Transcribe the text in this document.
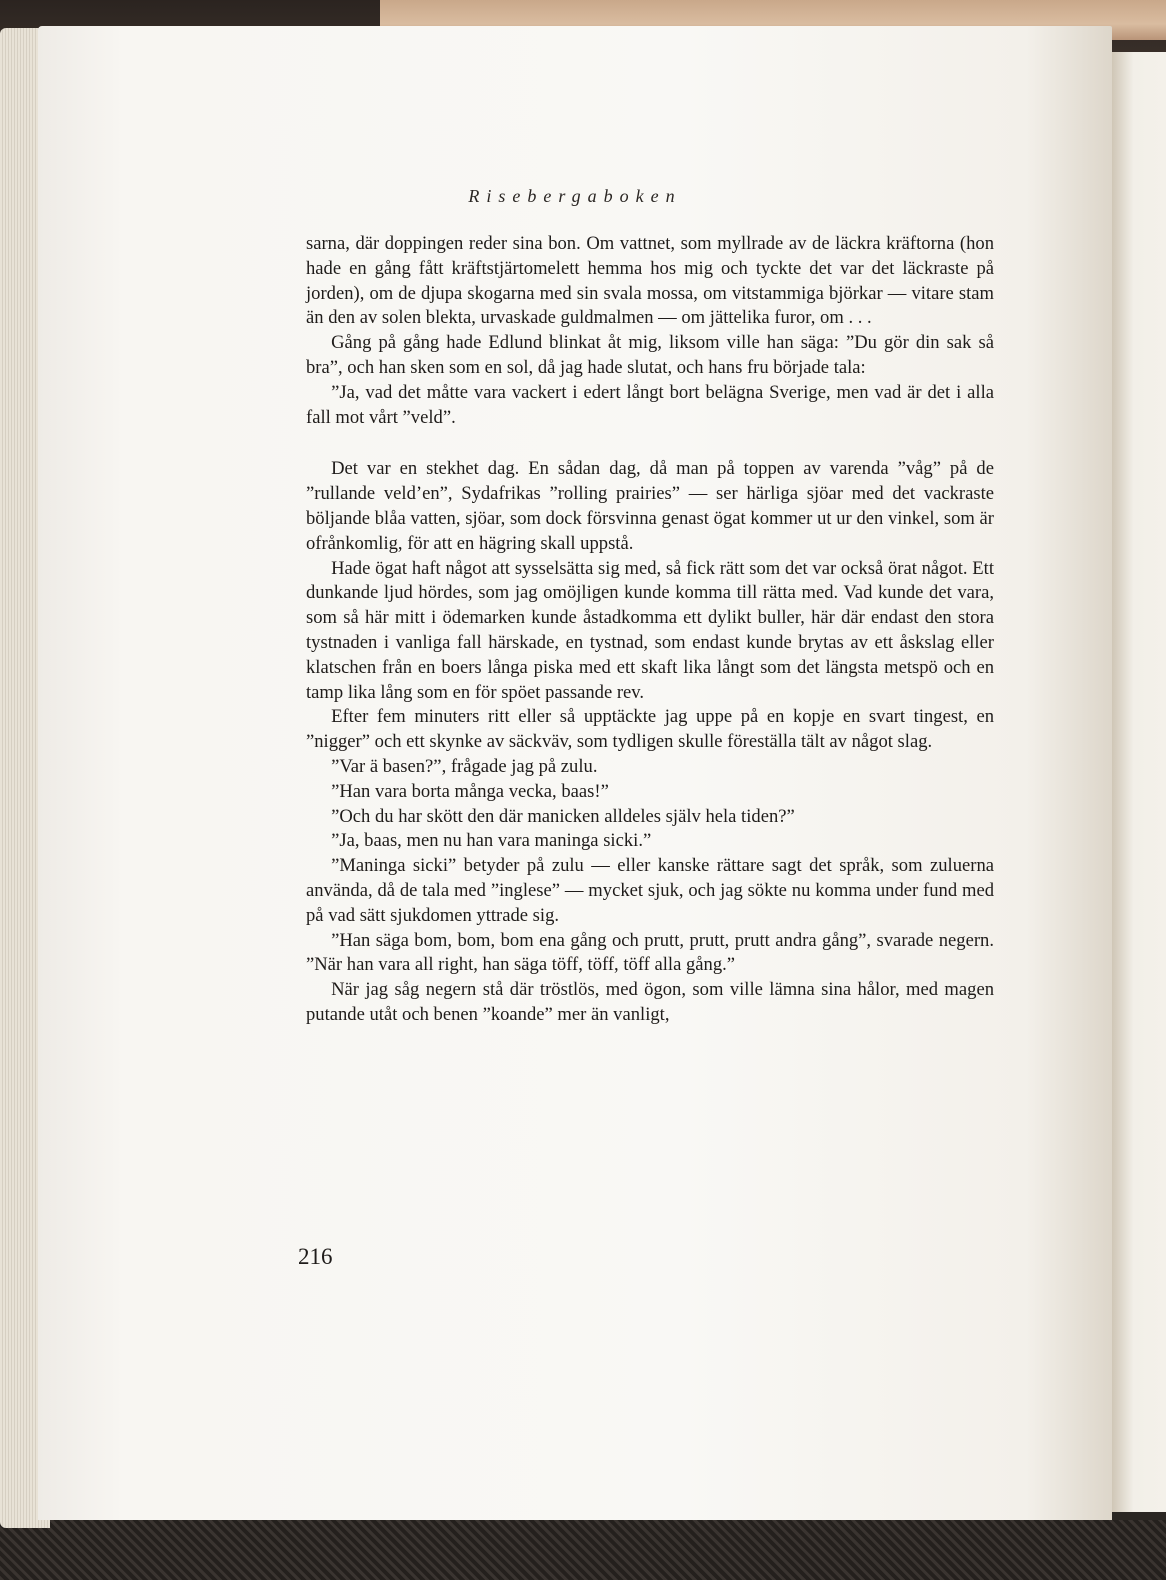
Risebergaboken

sarna, där doppingen reder sina bon. Om vattnet, som myllrade av de läckra kräftorna (hon hade en gång fått kräftstjärtomelett hemma hos mig och tyckte det var det läckraste på jorden), om de djupa skogarna med sin svala mossa, om vitstammiga björkar — vitare stam än den av solen blekta, urvaskade guldmalmen — om jättelika furor, om . . .

Gång på gång hade Edlund blinkat åt mig, liksom ville han säga: ”Du gör din sak så bra”, och han sken som en sol, då jag hade slutat, och hans fru började tala:

”Ja, vad det måtte vara vackert i edert långt bort belägna Sverige, men vad är det i alla fall mot vårt ”veld”.

Det var en stekhet dag. En sådan dag, då man på toppen av varenda ”våg” på de ”rullande veld’en”, Sydafrikas ”rolling prairies” — ser härliga sjöar med det vackraste böljande blåa vatten, sjöar, som dock försvinna genast ögat kommer ut ur den vinkel, som är ofrånkomlig, för att en hägring skall uppstå.

Hade ögat haft något att sysselsätta sig med, så fick rätt som det var också örat något. Ett dunkande ljud hördes, som jag omöjligen kunde komma till rätta med. Vad kunde det vara, som så här mitt i ödemarken kunde åstadkomma ett dylikt buller, här där endast den stora tystnaden i vanliga fall härskade, en tystnad, som endast kunde brytas av ett åskslag eller klatschen från en boers långa piska med ett skaft lika långt som det längsta metspö och en tamp lika lång som en för spöet passande rev.

Efter fem minuters ritt eller så upptäckte jag uppe på en kopje en svart tingest, en ”nigger” och ett skynke av säckväv, som tydligen skulle föreställa tält av något slag.

”Var ä basen?”, frågade jag på zulu.

”Han vara borta många vecka, baas!”

”Och du har skött den där manicken alldeles själv hela tiden?”

”Ja, baas, men nu han vara maninga sicki.”

”Maninga sicki” betyder på zulu — eller kanske rättare sagt det språk, som zuluerna använda, då de tala med ”inglese” — mycket sjuk, och jag sökte nu komma under fund med på vad sätt sjukdomen yttrade sig.

”Han säga bom, bom, bom ena gång och prutt, prutt, prutt andra gång”, svarade negern. ”När han vara all right, han säga töff, töff, töff alla gång.”

När jag såg negern stå där tröstlös, med ögon, som ville lämna sina hålor, med magen putande utåt och benen ”koande” mer än vanligt,

216
